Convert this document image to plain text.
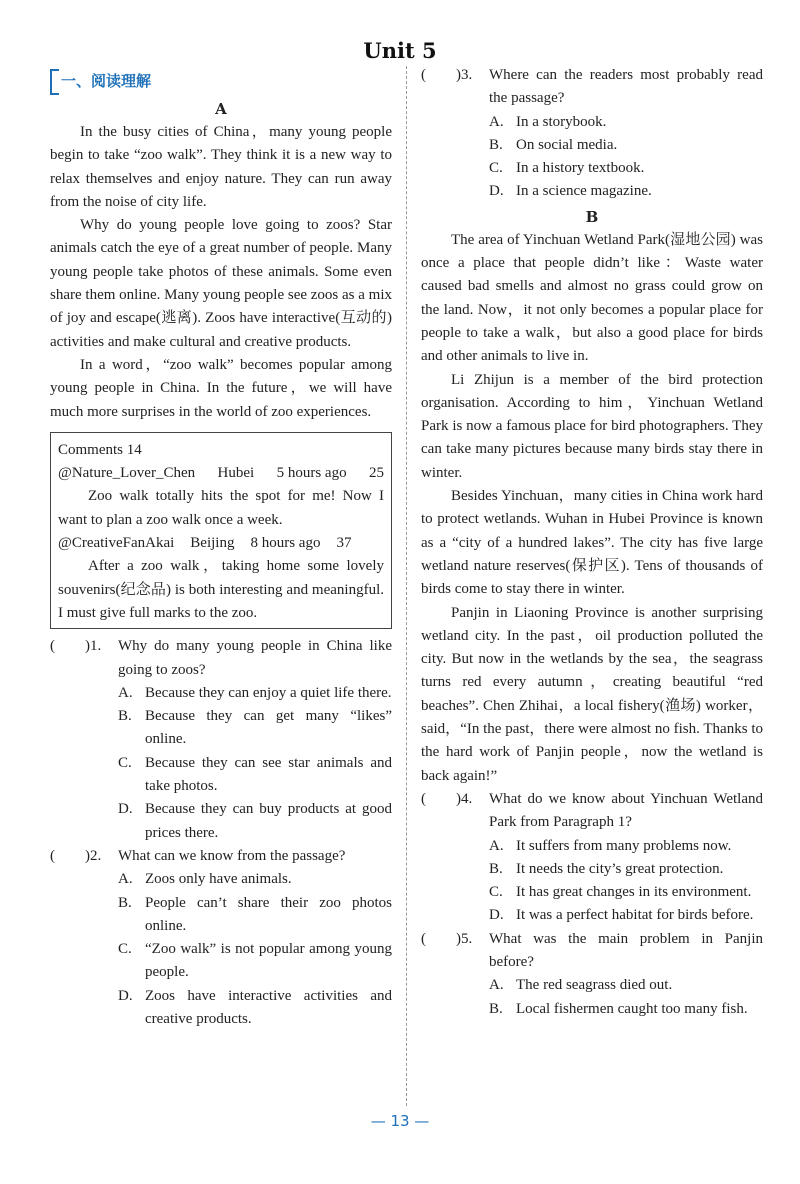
Unit 5
一、阅读理解
A

In the busy cities of China，many young people begin to take “zoo walk”. They think it is a new way to relax themselves and enjoy nature. They can run away from the noise of city life.

Why do young people love going to zoos? Star animals catch the eye of a great number of people. Many young people take photos of these animals. Some even share them online. Many young people see zoos as a mix of joy and escape(逃离). Zoos have interactive(互动的) activities and make cultural and creative products.

In a word，“zoo walk” becomes popular among young people in China. In the future，we will have much more surprises in the world of zoo experiences.

Comments 14
@Nature_Lover_Chen Hubei 5 hours ago 25
Zoo walk totally hits the spot for me! Now I want to plan a zoo walk once a week.
@CreativeFanAkai Beijing 8 hours ago 37
After a zoo walk，taking home some lovely souvenirs(纪念品) is both interesting and meaningful. I must give full marks to the zoo.
(　　)1.	Why do many young people in China like going to zoos?
A. Because they can enjoy a quiet life there.
B. Because they can get many “likes” online.
C. Because they can see star animals and take photos.
D. Because they can buy products at good prices there.
(　　)2.	What can we know from the passage?
A. Zoos only have animals.
B. People can’t share their zoo photos online.
C. “Zoo walk” is not popular among young people.
D. Zoos have interactive activities and creative products.
(　　)3.	Where can the readers most probably read the passage?
A. In a storybook.
B. On social media.
C. In a history textbook.
D. In a science magazine.
B

The area of Yinchuan Wetland Park(湿地公园) was once a place that people didn’t like：Waste water caused bad smells and almost no grass could grow on the land. Now，it not only becomes a popular place for people to take a walk，but also a good place for birds and other animals to live in.

Li Zhijun is a member of the bird protection organisation. According to him，Yinchuan Wetland Park is now a famous place for bird photographers. They can take many pictures because many birds stay there in winter.

Besides Yinchuan，many cities in China work hard to protect wetlands. Wuhan in Hubei Province is known as a “city of a hundred lakes”. The city has five large wetland nature reserves(保护区). Tens of thousands of birds come to stay there in winter.

Panjin in Liaoning Province is another surprising wetland city. In the past，oil production polluted the city. But now in the wetlands by the sea，the seagrass turns red every autumn，creating beautiful “red beaches”. Chen Zhihai，a local fishery(渔场) worker，said，“In the past，there were almost no fish. Thanks to the hard work of Panjin people，now the wetland is back again!”

(　　)4.	What do we know about Yinchuan Wetland Park from Paragraph 1?
A. It suffers from many problems now.
B. It needs the city’s great protection.
C. It has great changes in its environment.
D. It was a perfect habitat for birds before.
(　　)5.	What was the main problem in Panjin before?
A. The red seagrass died out.
B. Local fishermen caught too many fish.
— 13 —
